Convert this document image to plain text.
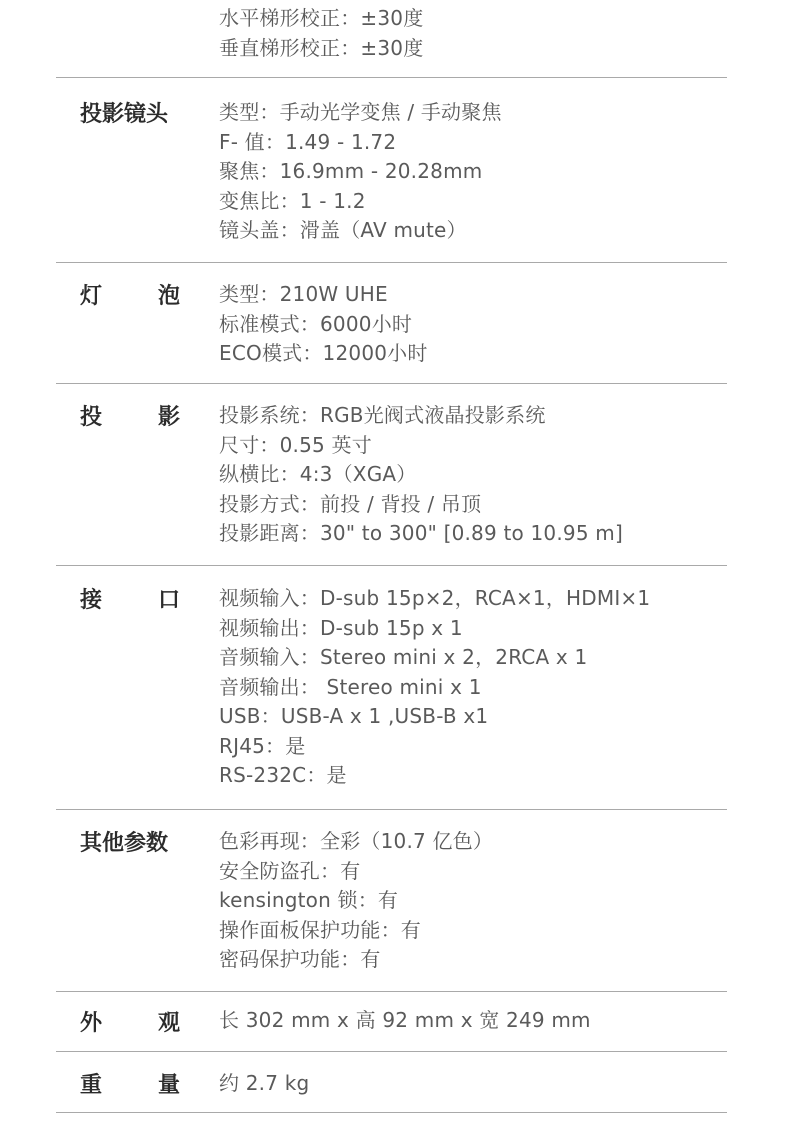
水平梯形校正：±30度
垂直梯形校正：±30度
投影镜头	类型：手动光学变焦 / 手动聚焦
F- 值：1.49 - 1.72
聚焦：16.9mm - 20.28mm
变焦比：1 - 1.2
镜头盖：滑盖（AV mute）
灯	泡 类型：210W UHE
标准模式：6000小时
ECO模式：12000小时
投	影 投影系统：RGB光阀式液晶投影系统
尺寸：0.55 英寸
纵横比：4:3（XGA）
投影方式：前投 / 背投 / 吊顶
投影距离：30" to 300" [0.89 to 10.95 m]
接	口 视频输入：D-sub 15p×2，RCA×1，HDMI×1
视频输出：D-sub 15p x 1
音频输入：Stereo mini x 2，2RCA x 1
音频输出： Stereo mini x 1
USB：USB-A x 1 ,USB-B x1
RJ45：是
RS-232C：是
其他参数	色彩再现：全彩（10.7 亿色）
安全防盗孔：有
kensington 锁：有
操作面板保护功能：有
密码保护功能：有
外	观 长 302 mm x 高 92 mm x 宽 249 mm
重	量 约 2.7 kg
